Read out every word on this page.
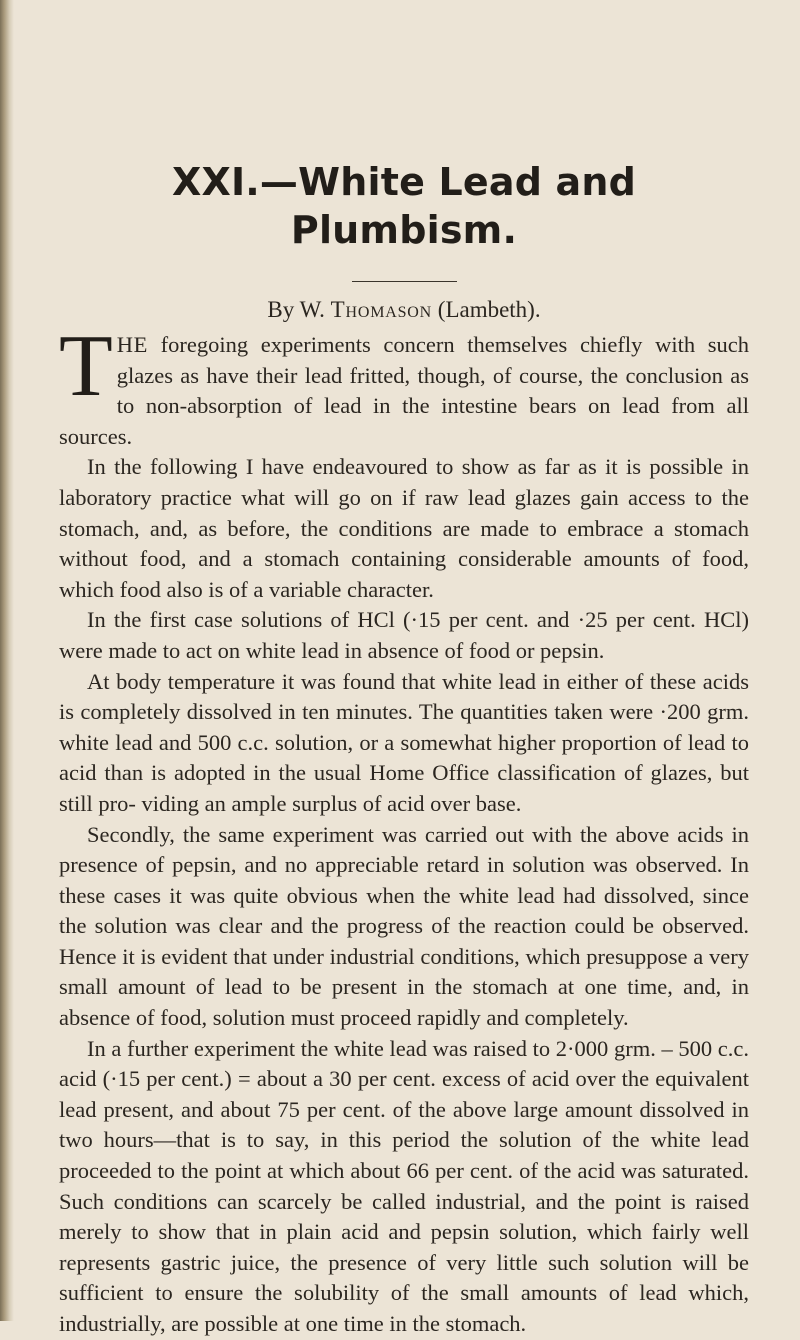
XXI.—White Lead and Plumbism.
By W. Thomason (Lambeth).

THE foregoing experiments concern themselves chiefly with such glazes as have their lead fritted, though, of course, the conclusion as to non-absorption of lead in the intestine bears on lead from all sources.

In the following I have endeavoured to show as far as it is possible in laboratory practice what will go on if raw lead glazes gain access to the stomach, and, as before, the conditions are made to embrace a stomach without food, and a stomach containing considerable amounts of food, which food also is of a variable character.

In the first case solutions of HCl (·15 per cent. and ·25 per cent. HCl) were made to act on white lead in absence of food or pepsin.

At body temperature it was found that white lead in either of these acids is completely dissolved in ten minutes. The quantities taken were ·200 grm. white lead and 500 c.c. solution, or a somewhat higher proportion of lead to acid than is adopted in the usual Home Office classification of glazes, but still pro- viding an ample surplus of acid over base.

Secondly, the same experiment was carried out with the above acids in presence of pepsin, and no appreciable retard in solution was observed. In these cases it was quite obvious when the white lead had dissolved, since the solution was clear and the progress of the reaction could be observed. Hence it is evident that under industrial conditions, which presuppose a very small amount of lead to be present in the stomach at one time, and, in absence of food, solution must proceed rapidly and completely.

In a further experiment the white lead was raised to 2·000 grm. – 500 c.c. acid (·15 per cent.) = about a 30 per cent. excess of acid over the equivalent lead present, and about 75 per cent. of the above large amount dissolved in two hours—that is to say, in this period the solution of the white lead proceeded to the point at which about 66 per cent. of the acid was saturated. Such conditions can scarcely be called industrial, and the point is raised merely to show that in plain acid and pepsin solution, which fairly well represents gastric juice, the presence of very little such solution will be sufficient to ensure the solubility of the small amounts of lead which, industrially, are possible at one time in the stomach.
